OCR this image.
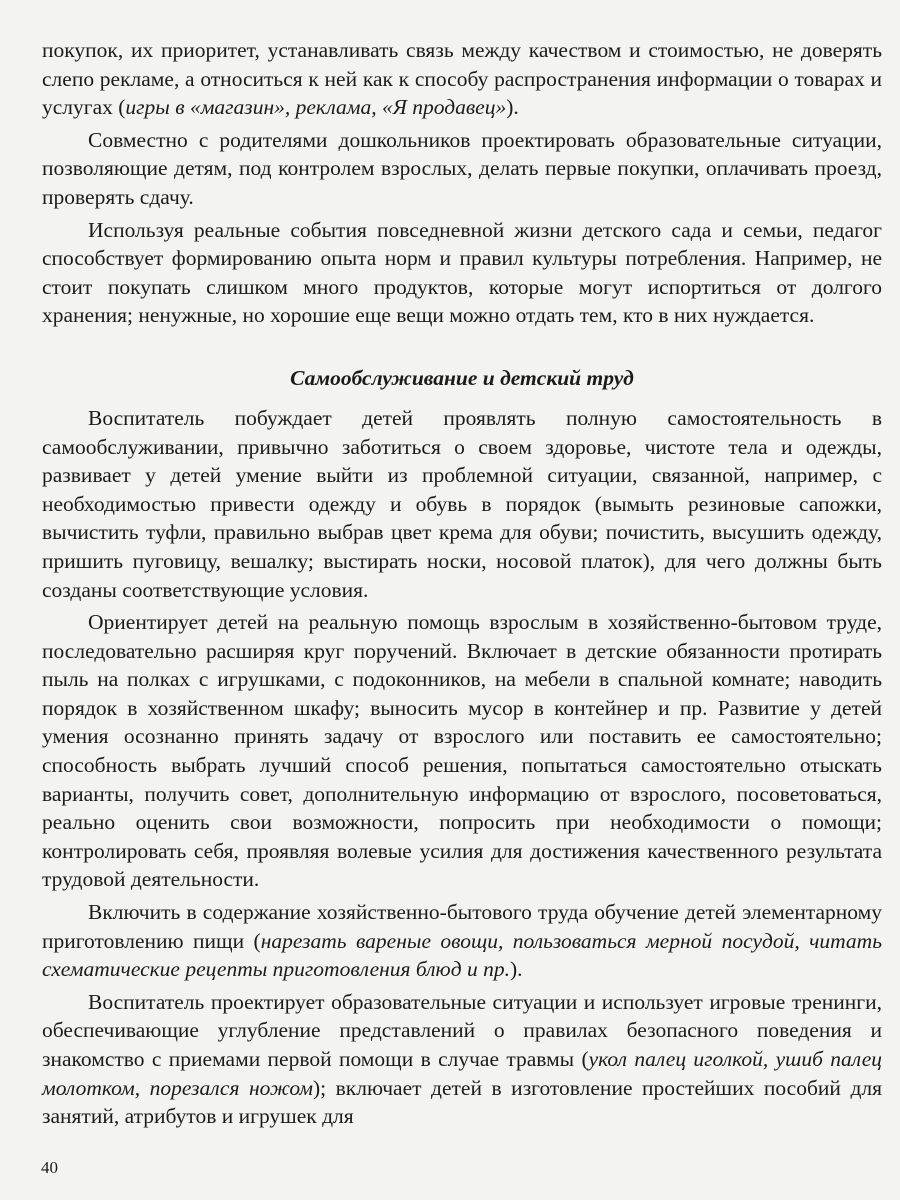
покупок, их приоритет, устанавливать связь между качеством и стоимостью, не доверять слепо рекламе, а относиться к ней как к способу распространения информации о товарах и услугах (игры в «магазин», реклама, «Я продавец»).

Совместно с родителями дошкольников проектировать образовательные ситуации, позволяющие детям, под контролем взрослых, делать первые покупки, оплачивать проезд, проверять сдачу.

Используя реальные события повседневной жизни детского сада и семьи, педагог способствует формированию опыта норм и правил культуры потребления. Например, не стоит покупать слишком много продуктов, которые могут испортиться от долгого хранения; ненужные, но хорошие еще вещи можно отдать тем, кто в них нуждается.

Самообслуживание и детский труд

Воспитатель побуждает детей проявлять полную самостоятельность в самообслуживании, привычно заботиться о своем здоровье, чистоте тела и одежды, развивает у детей умение выйти из проблемной ситуации, связанной, например, с необходимостью привести одежду и обувь в порядок (вымыть резиновые сапожки, вычистить туфли, правильно выбрав цвет крема для обуви; почистить, высушить одежду, пришить пуговицу, вешалку; выстирать носки, носовой платок), для чего должны быть созданы соответствующие условия.

Ориентирует детей на реальную помощь взрослым в хозяйственно-бытовом труде, последовательно расширяя круг поручений. Включает в детские обязанности протирать пыль на полках с игрушками, с подоконников, на мебели в спальной комнате; наводить порядок в хозяйственном шкафу; выносить мусор в контейнер и пр. Развитие у детей умения осознанно принять задачу от взрослого или поставить ее самостоятельно; способность выбрать лучший способ решения, попытаться самостоятельно отыскать варианты, получить совет, дополнительную информацию от взрослого, посоветоваться, реально оценить свои возможности, попросить при необходимости о помощи; контролировать себя, проявляя волевые усилия для достижения качественного результата трудовой деятельности.

Включить в содержание хозяйственно-бытового труда обучение детей элементарному приготовлению пищи (нарезать вареные овощи, пользоваться мерной посудой, читать схематические рецепты приготовления блюд и пр.).

Воспитатель проектирует образовательные ситуации и использует игровые тренинги, обеспечивающие углубление представлений о правилах безопасного поведения и знакомство с приемами первой помощи в случае травмы (укол палец иголкой, ушиб палец молотком, порезался ножом); включает детей в изготовление простейших пособий для занятий, атрибутов и игрушек для

40
